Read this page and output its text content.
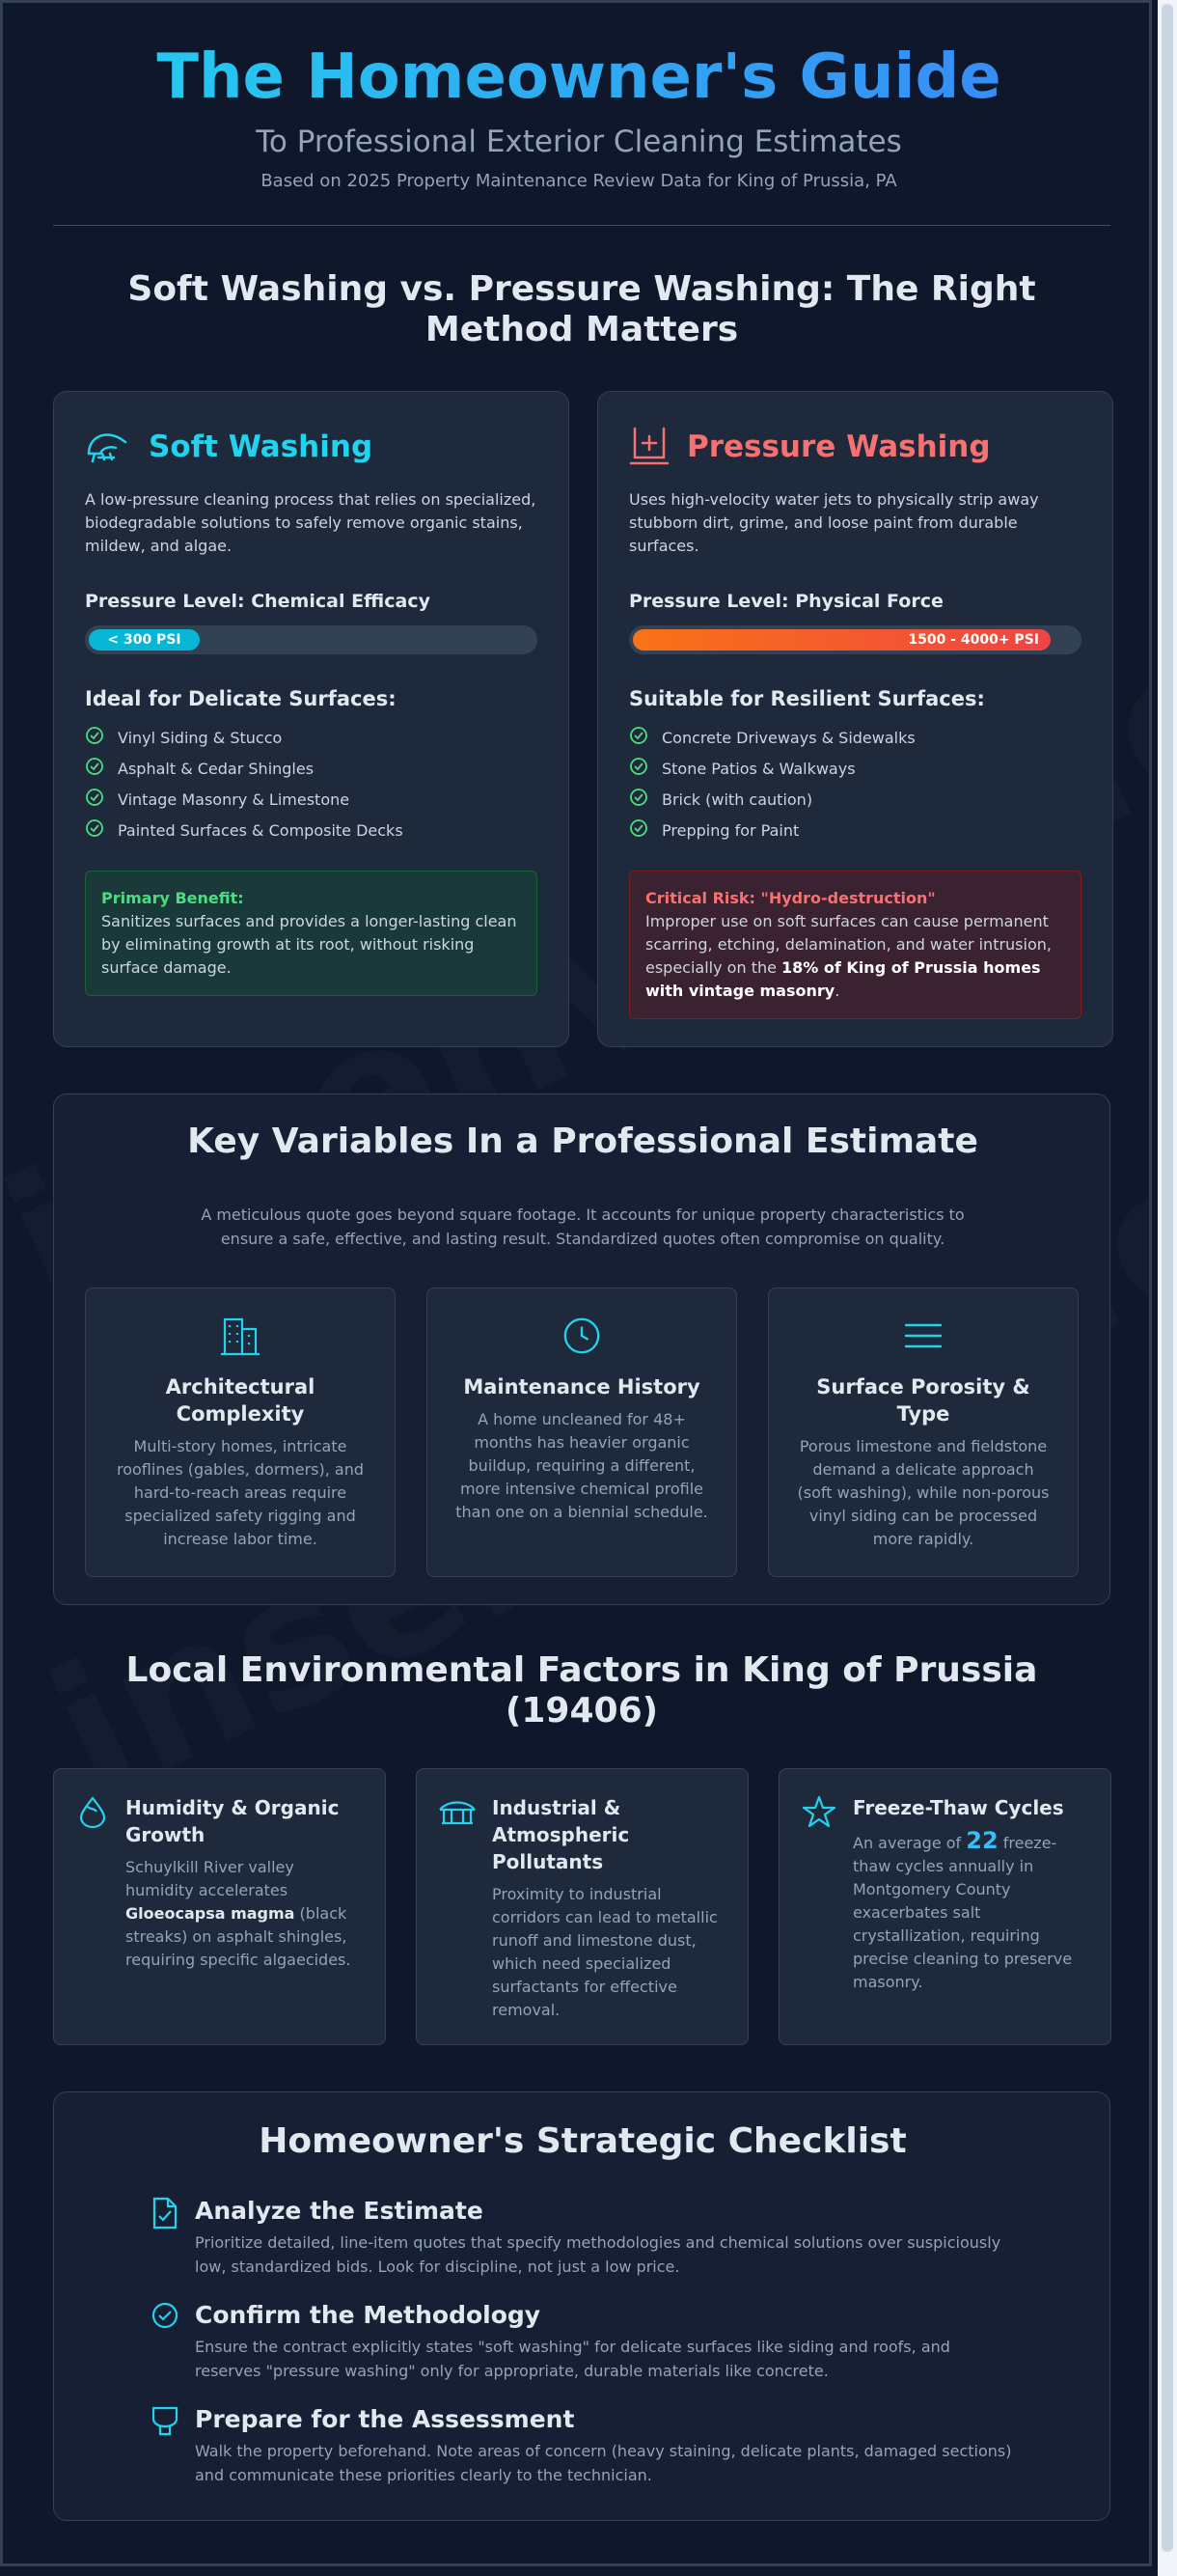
The Homeowner's Guide
To Professional Exterior Cleaning Estimates
Based on 2025 Property Maintenance Review Data for King of Prussia, PA
Soft Washing vs. Pressure Washing: The Right Method Matters
Soft Washing
A low-pressure cleaning process that relies on specialized, biodegradable solutions to safely remove organic stains, mildew, and algae.
Pressure Level: Chemical Efficacy
< 300 PSI
Ideal for Delicate Surfaces:
Vinyl Siding & Stucco
Asphalt & Cedar Shingles
Vintage Masonry & Limestone
Painted Surfaces & Composite Decks
Primary Benefit:
Sanitizes surfaces and provides a longer-lasting clean by eliminating growth at its root, without risking surface damage.
Pressure Washing
Uses high-velocity water jets to physically strip away stubborn dirt, grime, and loose paint from durable surfaces.
Pressure Level: Physical Force
1500 - 4000+ PSI
Suitable for Resilient Surfaces:
Concrete Driveways & Sidewalks
Stone Patios & Walkways
Brick (with caution)
Prepping for Paint
Critical Risk: "Hydro-destruction"
Improper use on soft surfaces can cause permanent scarring, etching, delamination, and water intrusion, especially on the 18% of King of Prussia homes with vintage masonry.
Key Variables In a Professional Estimate
A meticulous quote goes beyond square footage. It accounts for unique property characteristics to ensure a safe, effective, and lasting result. Standardized quotes often compromise on quality.
Architectural Complexity
Multi-story homes, intricate rooflines (gables, dormers), and hard-to-reach areas require specialized safety rigging and increase labor time.
Maintenance History
A home uncleaned for 48+ months has heavier organic buildup, requiring a different, more intensive chemical profile than one on a biennial schedule.
Surface Porosity & Type
Porous limestone and fieldstone demand a delicate approach (soft washing), while non-porous vinyl siding can be processed more rapidly.
Local Environmental Factors in King of Prussia (19406)
Humidity & Organic Growth
Schuylkill River valley humidity accelerates Gloeocapsa magma (black streaks) on asphalt shingles, requiring specific algaecides.
Industrial & Atmospheric Pollutants
Proximity to industrial corridors can lead to metallic runoff and limestone dust, which need specialized surfactants for effective removal.
Freeze-Thaw Cycles
An average of 22 freeze-thaw cycles annually in Montgomery County exacerbates salt crystallization, requiring precise cleaning to preserve masonry.
Homeowner's Strategic Checklist
Analyze the Estimate
Prioritize detailed, line-item quotes that specify methodologies and chemical solutions over suspiciously low, standardized bids. Look for discipline, not just a low price.
Confirm the Methodology
Ensure the contract explicitly states "soft washing" for delicate surfaces like siding and roofs, and reserves "pressure washing" only for appropriate, durable materials like concrete.
Prepare for the Assessment
Walk the property beforehand. Note areas of concern (heavy staining, delicate plants, damaged sections) and communicate these priorities clearly to the technician.
